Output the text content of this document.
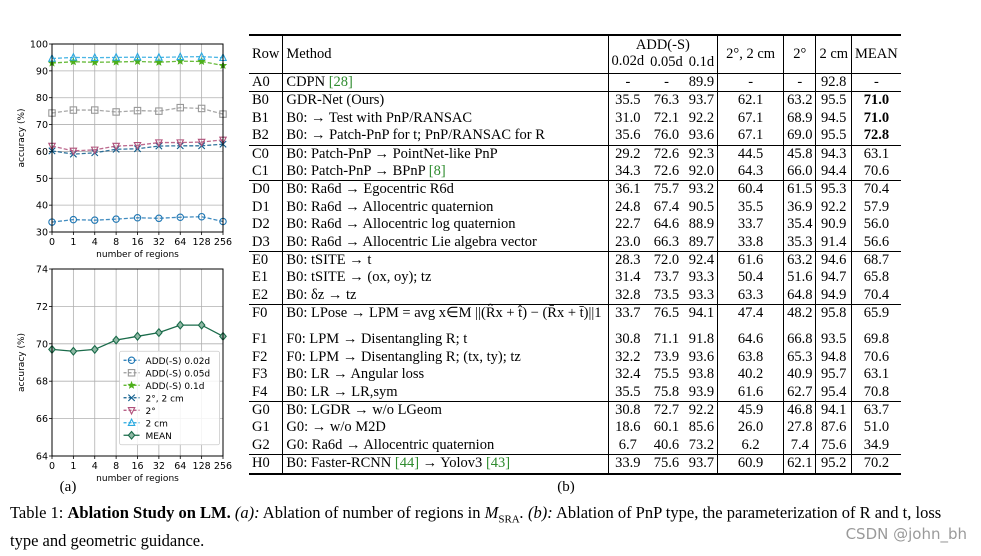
30
40
50
60
70
80
90
100
0 1 4 8 16 32 64 128 256
number of regions
accuracy (%)
64
66
68
70
72
74
0 1 4 8 16 32 64 128 256
number of regions
accuracy (%)	ADD(-S) 0.02d
ADD(-S) 0.05d
ADD(-S) 0.1d
2°, 2 cm
2°
2 cm
MEAN
(a)	(b)
Row	Method	ADD(-S)			2°, 2 cm	2°	2 cm	MEAN
		0.02d	0.05d	0.1d				
A0	CDPN [28]	-	-	89.9	-	-	92.8	-
B0	GDR-Net (Ours)	35.5	76.3	93.7	62.1	63.2	95.5	71.0
B1	B0: → Test with PnP/RANSAC	31.0	72.1	92.2	67.1	68.9	94.5	71.0
B2	B0: → Patch-PnP for t; PnP/RANSAC for R	35.6	76.0	93.6	67.1	69.0	95.5	72.8
C0	B0: Patch-PnP → PointNet-like PnP	29.2	72.6	92.3	44.5	45.8	94.3	63.1
C1	B0: Patch-PnP → BPnP [8]	34.3	72.6	92.0	64.3	66.0	94.4	70.6
D0	B0: Ra6d → Egocentric R6d	36.1	75.7	93.2	60.4	61.5	95.3	70.4
D1	B0: Ra6d → Allocentric quaternion	24.8	67.4	90.5	35.5	36.9	92.2	57.9
D2	B0: Ra6d → Allocentric log quaternion	22.7	64.6	88.9	33.7	35.4	90.9	56.0
D3	B0: Ra6d → Allocentric Lie algebra vector	23.0	66.3	89.7	33.8	35.3	91.4	56.6
E0	B0: tSITE → t	28.3	72.0	92.4	61.6	63.2	94.6	68.7
E1	B0: tSITE → (ox, oy); tz	31.4	73.7	93.3	50.4	51.6	94.7	65.8
E2	B0: δz → tz	32.8	73.5	93.3	63.3	64.8	94.9	70.4
F0	B0: LPose → LPM = avg x∈M ||(R̂x + t̂) − (R̄x + t̄)||1	33.7	76.5	94.1	47.4	48.2	95.8	65.9
F1	F0: LPM → Disentangling R; t	30.8	71.1	91.8	64.6	66.8	93.5	69.8
F2	F0: LPM → Disentangling R; (tx, ty); tz	32.2	73.9	93.6	63.8	65.3	94.8	70.6
F3	B0: LR → Angular loss	32.4	75.5	93.8	40.2	40.9	95.7	63.1
F4	B0: LR → LR,sym	35.5	75.8	93.9	61.6	62.7	95.4	70.8
G0	B0: LGDR → w/o LGeom	30.8	72.7	92.2	45.9	46.8	94.1	63.7
G1	G0: → w/o M2D	18.6	60.1	85.6	26.0	27.8	87.6	51.0
G2	G0: Ra6d → Allocentric quaternion	6.7	40.6	73.2	6.2	7.4	75.6	34.9
H0	B0: Faster-RCNN [44] → Yolov3 [43]	33.9	75.6	93.7	60.9	62.1	95.2	70.2
Table 1: Ablation Study on LM. (a): Ablation of number of regions in $M_{SRA}$. (b): Ablation of PnP type, the parameterization of R and t, loss type and geometric guidance.	CSDN @john_bh
